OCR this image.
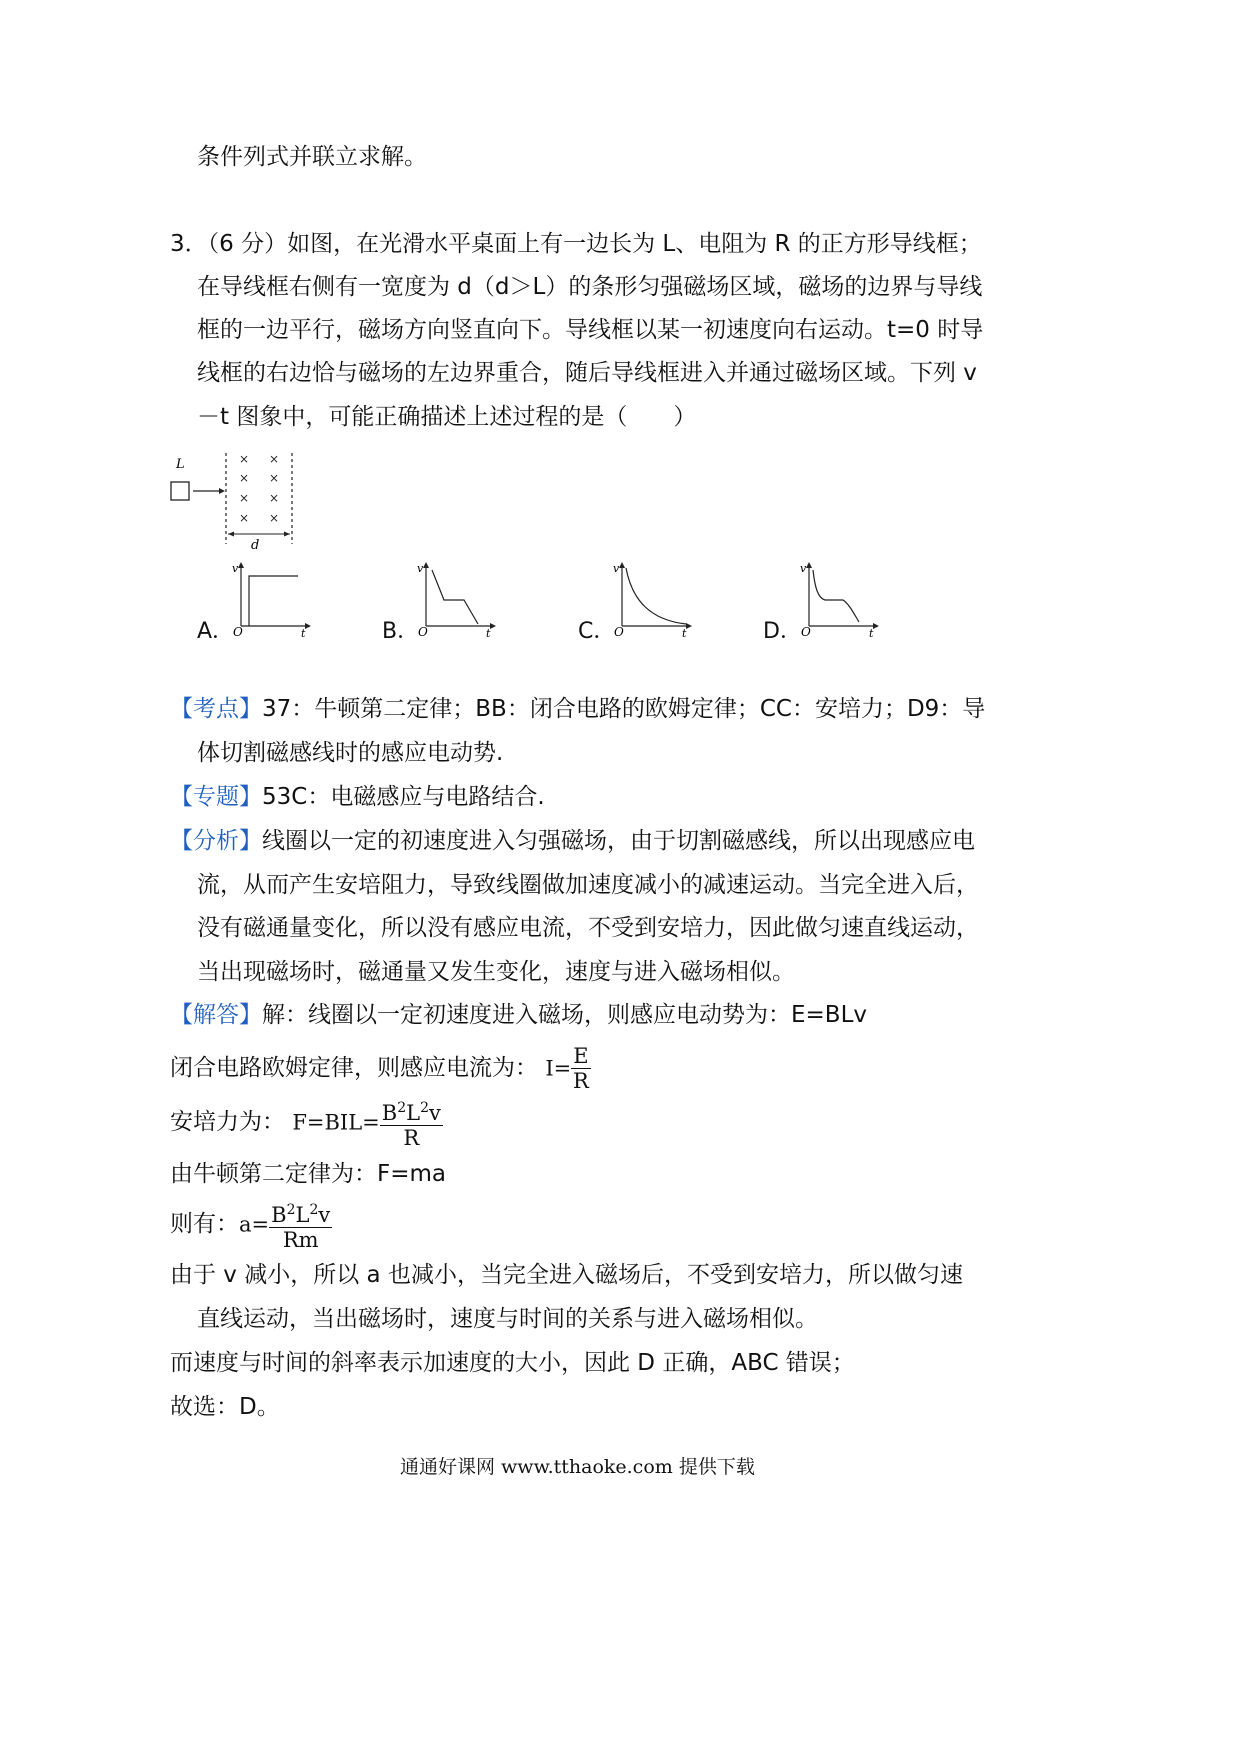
条件列式并联立求解。
3．（6 分）如图，在光滑水平桌面上有一边长为 L、电阻为 R 的正方形导线框；
在导线框右侧有一宽度为 d（d＞L）的条形匀强磁场区域，磁场的边界与导线
框的一边平行，磁场方向竖直向下。导线框以某一初速度向右运动。t=0 时导
线框的右边恰与磁场的左边界重合，随后导线框进入并通过磁场区域。下列 v
－t 图象中，可能正确描述上述过程的是（　　）
L	× ×
× ×
× ×
× ×
d
A．
v
O	t	B．
v
O	t	C．
v
O	t	D．
v
O	t
【考点】37：牛顿第二定律；BB：闭合电路的欧姆定律；CC：安培力；D9：导
体切割磁感线时的感应电动势.
【专题】53C：电磁感应与电路结合.
【分析】线圈以一定的初速度进入匀强磁场，由于切割磁感线，所以出现感应电
流，从而产生安培阻力，导致线圈做加速度减小的减速运动。当完全进入后，
没有磁通量变化，所以没有感应电流，不受到安培力，因此做匀速直线运动，
当出现磁场时，磁通量又发生变化，速度与进入磁场相似。
【解答】解：线圈以一定初速度进入磁场，则感应电动势为：E=BLv
闭合电路欧姆定律，则感应电流为： $I= \frac{E}{R}$
安培力为： $F=BIL= \frac{B^2L^2v}{R}$
由牛顿第二定律为：F=ma
则有：$a= \frac{B^2L^2v}{Rm}$
由于 v 减小，所以 a 也减小，当完全进入磁场后，不受到安培力，所以做匀速
直线运动，当出磁场时，速度与时间的关系与进入磁场相似。
而速度与时间的斜率表示加速度的大小，因此 D 正确，ABC 错误；
故选：D。
通通好课网 www.tthaoke.com 提供下载
